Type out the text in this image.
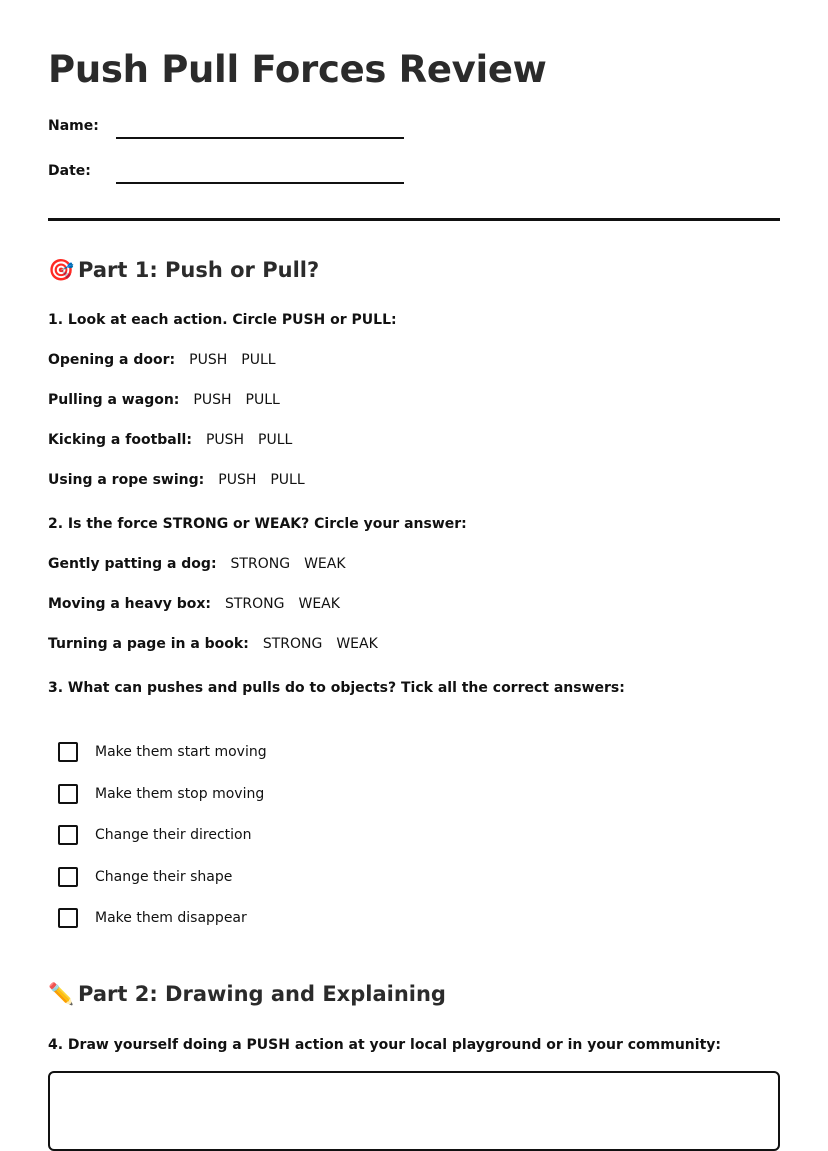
Push Pull Forces Review
Name:
Date:
🎯 Part 1: Push or Pull?
1. Look at each action. Circle PUSH or PULL:
Opening a door: PUSH PULL
Pulling a wagon: PUSH PULL
Kicking a football: PUSH PULL
Using a rope swing: PUSH PULL
2. Is the force STRONG or WEAK? Circle your answer:
Gently patting a dog: STRONG WEAK
Moving a heavy box: STRONG WEAK
Turning a page in a book: STRONG WEAK
3. What can pushes and pulls do to objects? Tick all the correct answers:
Make them start moving
Make them stop moving
Change their direction
Change their shape
Make them disappear
✏️ Part 2: Drawing and Explaining
4. Draw yourself doing a PUSH action at your local playground or in your community:
